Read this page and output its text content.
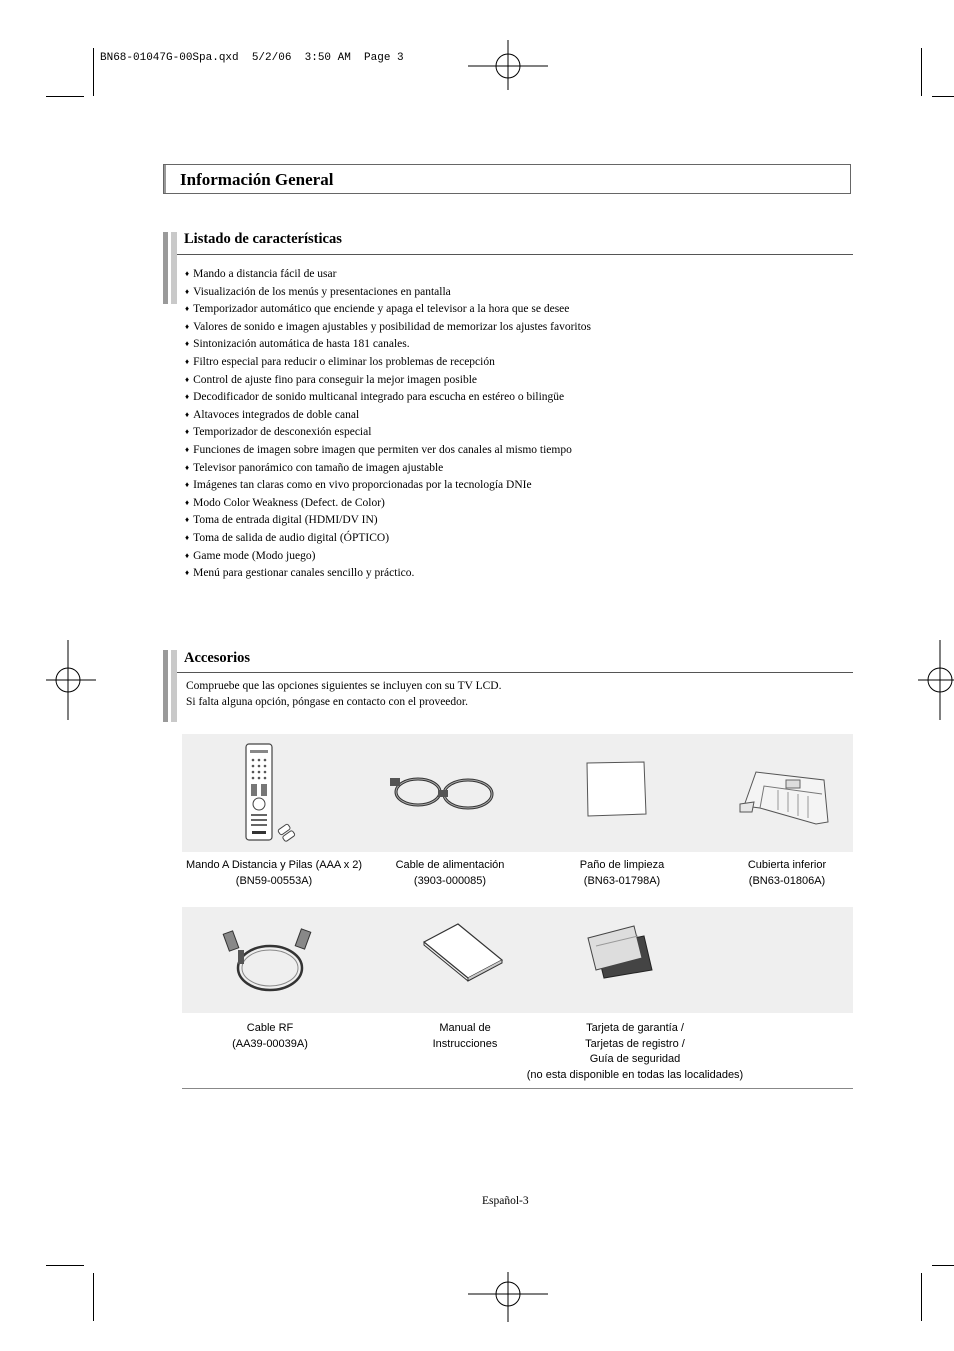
BN68-01047G-00Spa.qxd  5/2/06  3:50 AM  Page 3
Información General
Listado de características
♦ Mando a distancia fácil de usar
♦ Visualización de los menús y presentaciones en pantalla
♦ Temporizador automático que enciende y apaga el televisor a la hora que se desee
♦ Valores de sonido e imagen ajustables y posibilidad de memorizar los ajustes favoritos
♦ Sintonización automática de hasta 181 canales.
♦ Filtro especial para reducir o eliminar los problemas de recepción
♦ Control de ajuste fino para conseguir la mejor imagen posible
♦ Decodificador de sonido multicanal integrado para escucha en estéreo o bilingüe
♦ Altavoces integrados de doble canal
♦ Temporizador de desconexión especial
♦ Funciones de imagen sobre imagen que permiten ver dos canales al mismo tiempo
♦ Televisor panorámico con tamaño de imagen ajustable
♦ Imágenes tan claras como en vivo proporcionadas por la tecnología DNIe
♦ Modo Color Weakness (Defect. de Color)
♦ Toma de entrada digital (HDMI/DV IN)
♦ Toma de salida de audio digital (ÓPTICO)
♦ Game mode (Modo juego)
♦ Menú para gestionar canales sencillo y práctico.
Accesorios
Compruebe que las opciones siguientes se incluyen con su TV LCD.
Si falta alguna opción, póngase en contacto con el proveedor.
Mando A Distancia y Pilas (AAA x 2)
(BN59-00553A)
Cable de alimentación
(3903-000085)
Paño de limpieza
(BN63-01798A)
Cubierta inferior
(BN63-01806A)
Cable RF
(AA39-00039A)
Manual de
Instrucciones
Tarjeta de garantía /
Tarjetas de registro /
Guía de seguridad
(no esta disponible en todas las localidades)
Español-3
